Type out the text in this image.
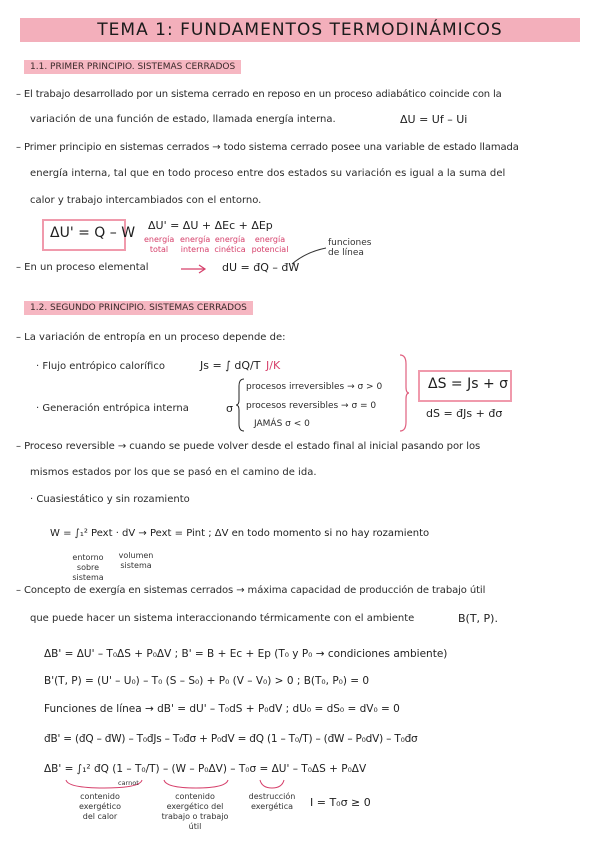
TEMA 1: FUNDAMENTOS TERMODINÁMICOS
1.1. PRIMER PRINCIPIO. SISTEMAS CERRADOS
– El trabajo desarrollado por un sistema cerrado en reposo en un proceso adiabático coincide con la
variación de una función de estado, llamada energía interna.	ΔU = Uf – Ui
– Primer principio en sistemas cerrados → todo sistema cerrado posee una variable de estado llamada
energía interna, tal que en todo proceso entre dos estados su variación es igual a la suma del
calor y trabajo intercambiados con el entorno.
ΔU' = Q – W ΔU' = ΔU + ΔEc + ΔEp
energía total
energía interna
energía cinética
energía potencial
– En un proceso elemental	dU = đQ – đW
funciones de línea
1.2. SEGUNDO PRINCIPIO. SISTEMAS CERRADOS
– La variación de entropía en un proceso depende de:
· Flujo entrópico calorífico	Js = ∫ dQ/T J/K
· Generación entrópica interna	σ
procesos irreversibles → σ > 0
procesos reversibles → σ = 0
JAMÁS σ < 0
ΔS = Js + σ
dS = đJs + đσ
– Proceso reversible → cuando se puede volver desde el estado final al inicial pasando por los
mismos estados por los que se pasó en el camino de ida.
· Cuasiestático y sin rozamiento
W = ∫₁² Pext · dV → Pext = Pint ; ΔV en todo momento si no hay rozamiento
entorno sobre sistema
volumen sistema
– Concepto de exergía en sistemas cerrados → máxima capacidad de producción de trabajo útil
que puede hacer un sistema interaccionando térmicamente con el ambiente	B(T, P).
ΔB' = ΔU' – T₀ΔS + P₀ΔV ; B' = B + Ec + Ep (T₀ y P₀ → condiciones ambiente)
B'(T, P) = (U' – U₀) – T₀ (S – S₀) + P₀ (V – V₀) > 0 ; B(T₀, P₀) = 0
Funciones de línea → dB' = dU' – T₀dS + P₀dV ; dU₀ = dS₀ = dV₀ = 0
đB' = (đQ – đW) – T₀đJs – T₀đσ + P₀dV = đQ (1 – T₀/T) – (đW – P₀dV) – T₀đσ
ΔB' = ∫₁² đQ (1 – T₀/T) – (W – P₀ΔV) – T₀σ = ΔU' – T₀ΔS + P₀ΔV
carnot
contenido exergético del calor
contenido exergético del trabajo o trabajo útil
destrucción exergética	I = T₀σ ≥ 0
